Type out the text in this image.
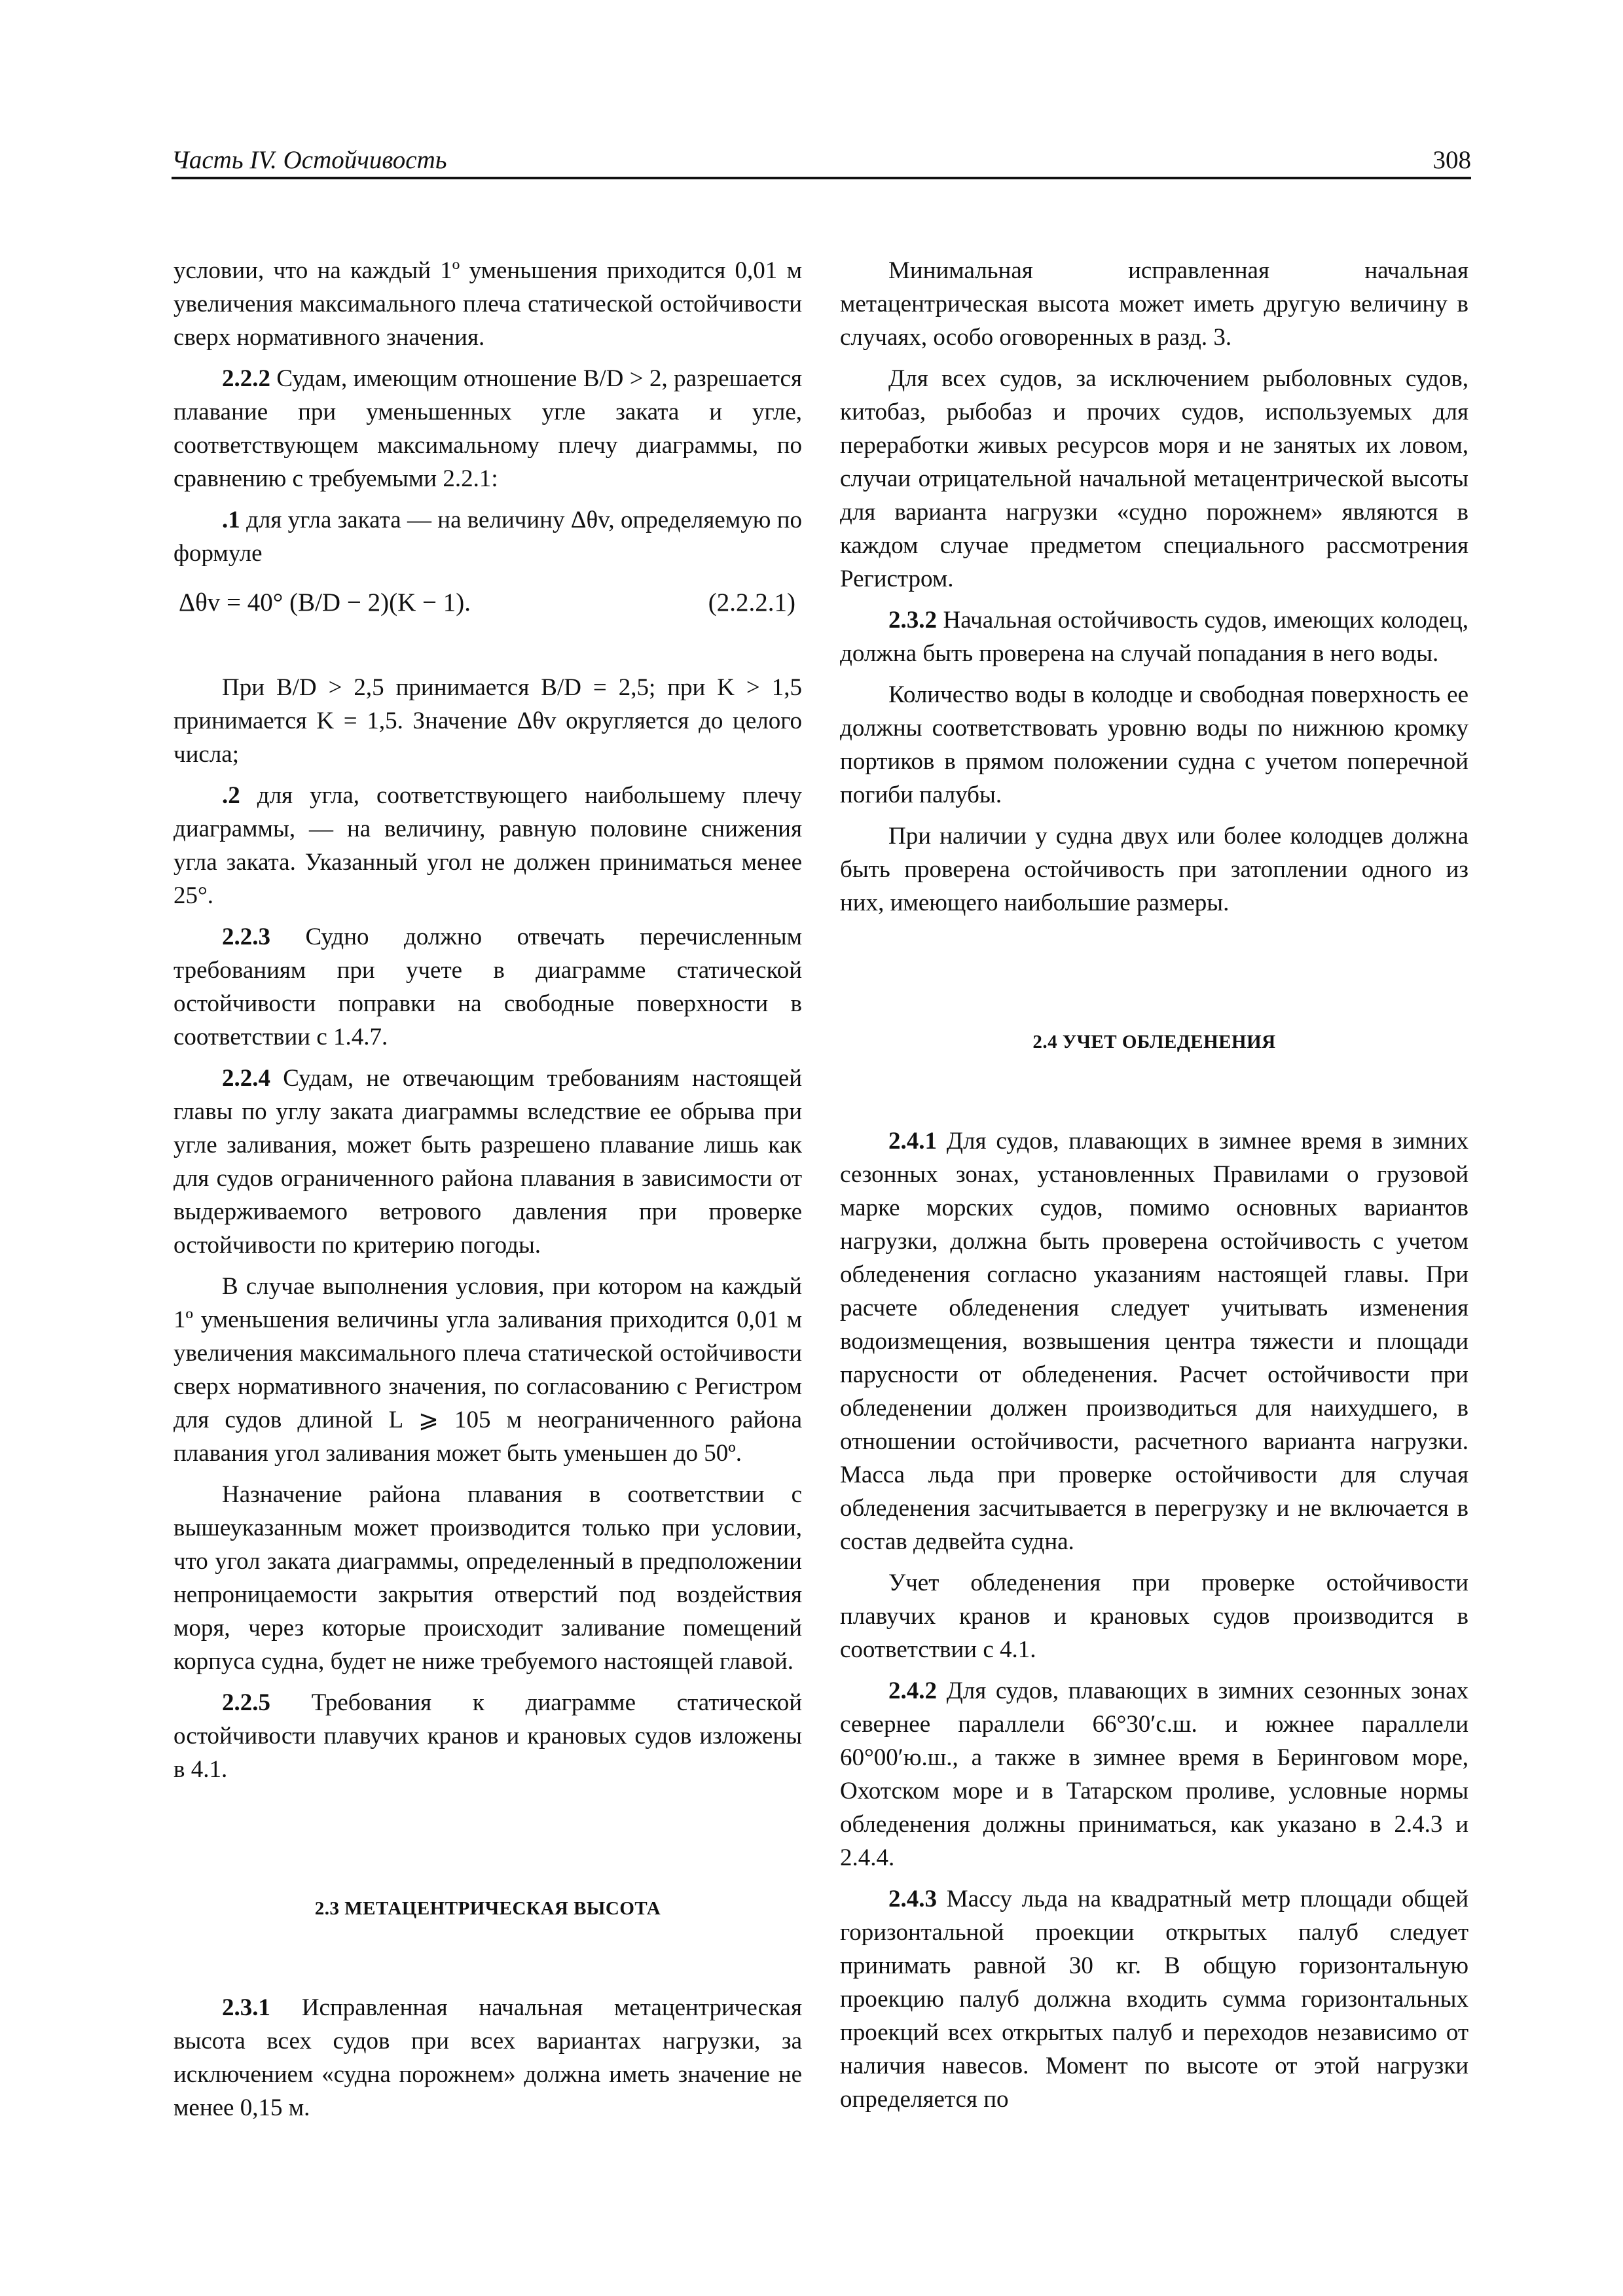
Часть IV. Остойчивость	308

условии, что на каждый 1º уменьшения приходится 0,01 м увеличения максимального плеча статической остойчивости сверх нормативного значения.

2.2.2 Судам, имеющим отношение B/D > 2, разрешается плавание при уменьшенных угле заката и угле, соответствующем максимальному плечу диаграммы, по сравнению с требуемыми 2.2.1:

.1 для угла заката — на величину Δθv, определяемую по формуле

Δθv = 40° (B/D − 2)(K − 1).	(2.2.2.1)

При B/D > 2,5 принимается B/D = 2,5; при K > 1,5 принимается K = 1,5. Значение Δθv округляется до целого числа;

.2 для угла, соответствующего наибольшему плечу диаграммы, — на величину, равную половине снижения угла заката. Указанный угол не должен приниматься менее 25°.

2.2.3 Судно должно отвечать перечисленным требованиям при учете в диаграмме статической остойчивости поправки на свободные поверхности в соответствии с 1.4.7.

2.2.4 Судам, не отвечающим требованиям настоящей главы по углу заката диаграммы вследствие ее обрыва при угле заливания, может быть разрешено плавание лишь как для судов ограниченного района плавания в зависимости от выдерживаемого ветрового давления при проверке остойчивости по критерию погоды.

В случае выполнения условия, при котором на каждый 1º уменьшения величины угла заливания приходится 0,01 м увеличения максимального плеча статической остойчивости сверх нормативного значения, по согласованию с Регистром для судов длиной L ⩾ 105 м неограниченного района плавания угол заливания может быть уменьшен до 50º.

Назначение района плавания в соответствии с вышеуказанным может производится только при условии, что угол заката диаграммы, определенный в предположении непроницаемости закрытия отверстий под воздействия моря, через которые происходит заливание помещений корпуса судна, будет не ниже требуемого настоящей главой.

2.2.5 Требования к диаграмме статической остойчивости плавучих кранов и крановых судов изложены в 4.1.

2.3 МЕТАЦЕНТРИЧЕСКАЯ ВЫСОТА

2.3.1 Исправленная начальная метацентрическая высота всех судов при всех вариантах нагрузки, за исключением «судна порожнем» должна иметь значение не менее 0,15 м.

Минимальная исправленная начальная метацентрическая высота может иметь другую величину в случаях, особо оговоренных в разд. 3.

Для всех судов, за исключением рыболовных судов, китобаз, рыбобаз и прочих судов, используемых для переработки живых ресурсов моря и не занятых их ловом, случаи отрицательной начальной метацентрической высоты для варианта нагрузки «судно порожнем» являются в каждом случае предметом специального рассмотрения Регистром.

2.3.2 Начальная остойчивость судов, имеющих колодец, должна быть проверена на случай попадания в него воды.

Количество воды в колодце и свободная поверхность ее должны соответствовать уровню воды по нижнюю кромку портиков в прямом положении судна с учетом поперечной погиби палубы.

При наличии у судна двух или более колодцев должна быть проверена остойчивость при затоплении одного из них, имеющего наибольшие размеры.

2.4 УЧЕТ ОБЛЕДЕНЕНИЯ

2.4.1 Для судов, плавающих в зимнее время в зимних сезонных зонах, установленных Правилами о грузовой марке морских судов, помимо основных вариантов нагрузки, должна быть проверена остойчивость с учетом обледенения согласно указаниям настоящей главы. При расчете обледенения следует учитывать изменения водоизмещения, возвышения центра тяжести и площади парусности от обледенения. Расчет остойчивости при обледенении должен производиться для наихудшего, в отношении остойчивости, расчетного варианта нагрузки. Масса льда при проверке остойчивости для случая обледенения засчитывается в перегрузку и не включается в состав дедвейта судна.

Учет обледенения при проверке остойчивости плавучих кранов и крановых судов производится в соответствии с 4.1.

2.4.2 Для судов, плавающих в зимних сезонных зонах севернее параллели 66°30′с.ш. и южнее параллели 60°00′ю.ш., а также в зимнее время в Беринговом море, Охотском море и в Татарском проливе, условные нормы обледенения должны приниматься, как указано в 2.4.3 и 2.4.4.

2.4.3 Массу льда на квадратный метр площади общей горизонтальной проекции открытых палуб следует принимать равной 30 кг. В общую горизонтальную проекцию палуб должна входить сумма горизонтальных проекций всех открытых палуб и переходов независимо от наличия навесов. Момент по высоте от этой нагрузки определяется по
